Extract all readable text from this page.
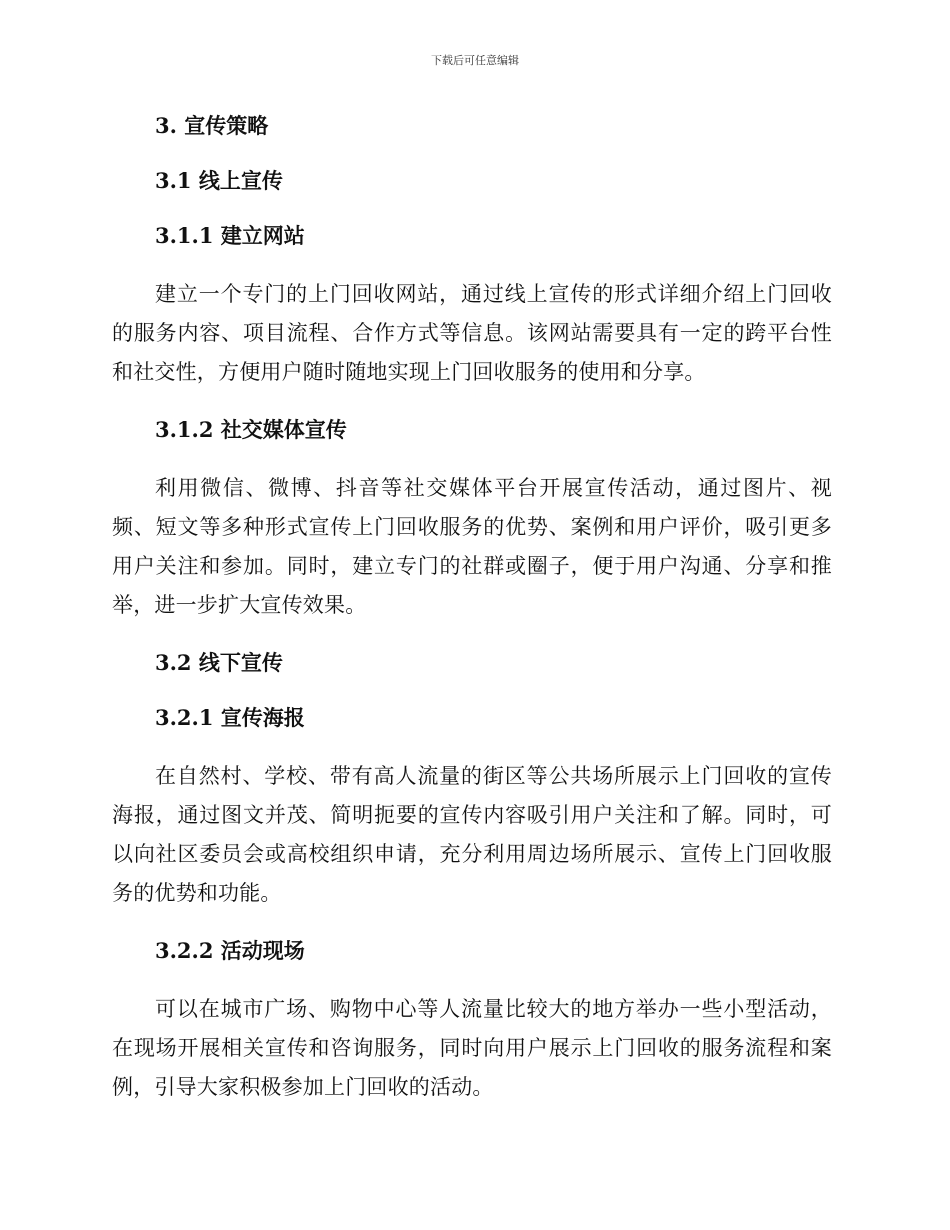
下载后可任意编辑
3. 宣传策略
3.1 线上宣传
3.1.1 建立网站

建立一个专门的上门回收网站，通过线上宣传的形式详细介绍上门回收的服务内容、项目流程、合作方式等信息。该网站需要具有一定的跨平台性和社交性，方便用户随时随地实现上门回收服务的使用和分享。

3.1.2 社交媒体宣传

利用微信、微博、抖音等社交媒体平台开展宣传活动，通过图片、视频、短文等多种形式宣传上门回收服务的优势、案例和用户评价，吸引更多用户关注和参加。同时，建立专门的社群或圈子，便于用户沟通、分享和推举，进一步扩大宣传效果。

3.2 线下宣传
3.2.1 宣传海报

在自然村、学校、带有高人流量的街区等公共场所展示上门回收的宣传海报，通过图文并茂、简明扼要的宣传内容吸引用户关注和了解。同时，可以向社区委员会或高校组织申请，充分利用周边场所展示、宣传上门回收服务的优势和功能。

3.2.2 活动现场

可以在城市广场、购物中心等人流量比较大的地方举办一些小型活动，在现场开展相关宣传和咨询服务，同时向用户展示上门回收的服务流程和案例，引导大家积极参加上门回收的活动。
